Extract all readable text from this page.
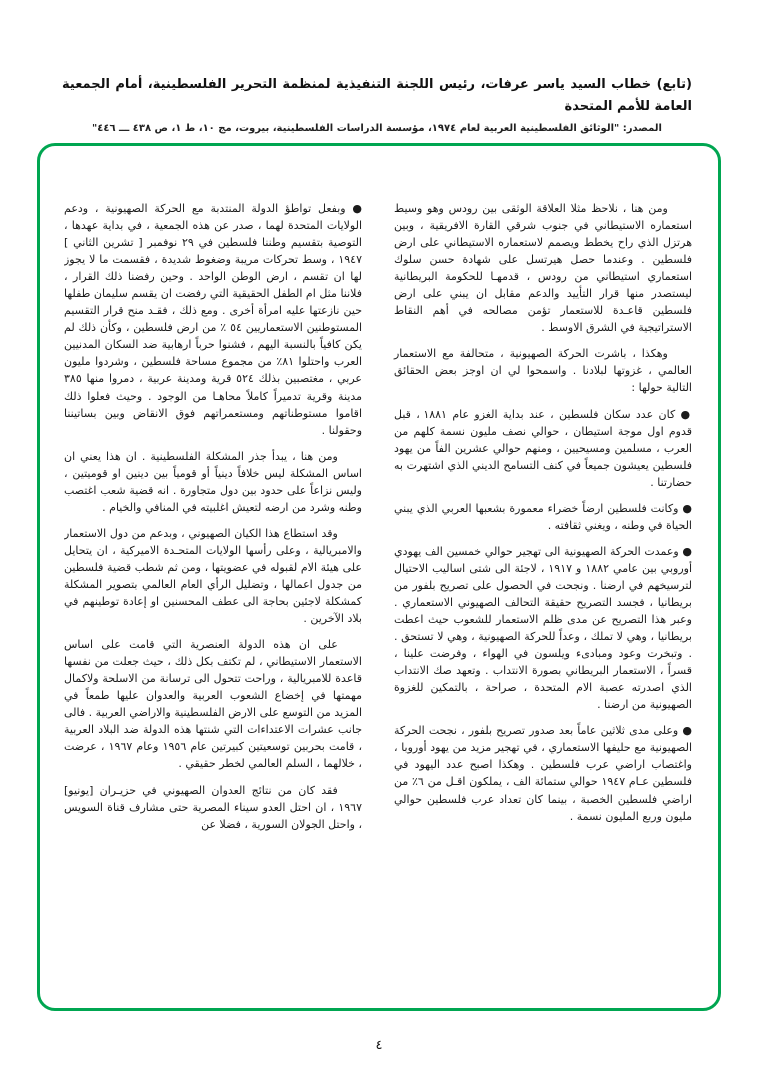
(تابع) خطاب السيد ياسر عرفات، رئيس اللجنة التنفيذية لمنظمة التحرير الفلسطينية، أمام الجمعية العامة للأمم المتحدة
المصدر: "الوثائق الفلسطينية العربية لعام ١٩٧٤، مؤسسة الدراسات الفلسطينية، بيروت، مج ١٠، ط ١، ص ٤٣٨ ـــ ٤٤٦"

ومن هنا ، نلاحظ مثلا العلاقة الوثقى بين رودس وهو وسيط استعماره الاستيطاني في جنوب شرقي القارة الافريقية ، وبين هرتزل الذي راح يخطط ويصمم لاستعماره الاستيطاني على ارض فلسطين . وعندما حصل هيرتسل على شهادة حسن سلوك استعماري استيطاني من رودس ، قدمهـا للحكومة البريطانية ليستصدر منها قرار التأييد والدعم مقابل ان يبني على ارض فلسطين قاعـدة للاستعمار تؤمن مصالحه في أهم النقاط الاستراتيجية في الشرق الاوسط .

وهكذا ، باشرت الحركة الصهيونية ، متحالفة مع الاستعمار العالمي ، غزوتها لبلادنا . واسمحوا لي ان اوجز بعض الحقائق التالية حولها :

● كان عدد سكان فلسطين ، عند بداية الغزو عام ١٨٨١ ، قبل قدوم اول موجة استيطان ، حوالي نصف مليون نسمة كلهم من العرب ، مسلمين ومسيحيين ، ومنهم حوالي عشرين الفاً من يهود فلسطين يعيشون جميعاً في كنف التسامح الديني الذي اشتهرت به حضارتنا .

● وكانت فلسطين ارضاً خضراء معمورة بشعبها العربي الذي يبني الحياة في وطنه ، ويغني ثقافته .

● وعمدت الحركة الصهيونية الى تهجير حوالي خمسين الف يهودي أوروبي بين عامي ١٨٨٢ و ١٩١٧ ، لاجئة الى شتى اساليب الاحتيال لترسيخهم في ارضنا . ونجحت في الحصول على تصريح بلفور من بريطانيا ، فجسد التصريح حقيقة التحالف الصهيوني الاستعماري . وعبر هذا التصريح عن مدى ظلم الاستعمار للشعوب حيث اعطت بريطانيا ، وهي لا تملك ، وعداً للحركة الصهيونية ، وهي لا تستحق . . وتبخرت وعود ومبادىء ويلسون في الهواء ، وفرضت علينا ، قسراً ، الاستعمار البريطاني بصورة الانتداب . وتعهد صك الانتداب الذي اصدرته عصبة الام المتحدة ، صراحة ، بالتمكين للغزوة الصهيونية من ارضنا .

● وعلى مدى ثلاثين عاماً بعد صدور تصريح بلفور ، نجحت الحركة الصهيونية مع حليفها الاستعماري ، في تهجير مزيد من يهود أوروبا ، واغتصاب اراضي عرب فلسطين . وهكذا اصبح عدد اليهود في فلسطين عـام ١٩٤٧ حوالي ستمائة الف ، يملكون اقـل من ٦٪ من اراضي فلسطين الخصبة ، بينما كان تعداد عرب فلسطين حوالي مليون وربع المليون نسمة .

● وبفعل تواطؤ الدولة المنتدبة مع الحركة الصهيونية ، ودعم الولايات المتحدة لهما ، صدر عن هذه الجمعية ، في بداية عهدها ، التوصية بتقسيم وطننا فلسطين في ٢٩ نوفمبر [ تشرين الثاني ] ١٩٤٧ ، وسط تحركات مريبة وضغوط شديدة ، فقسمت ما لا يجوز لها ان تقسم ، ارض الوطن الواحد . وحين رفضنا ذلك القرار ، فلاننا مثل ام الطفل الحقيقية التي رفضت ان يقسم سليمان طفلها حين نازعتها عليه امرأة أخرى . ومع ذلك ، فقـد منح قرار التقسيم المستوطنين الاستعماريين ٥٤ ٪ من ارض فلسطين ، وكأن ذلك لم يكن كافياً بالنسبة اليهم ، فشنوا حرباً ارهابية ضد السكان المدنيين العرب واحتلوا ٨١٪ من مجموع مساحة فلسطين ، وشردوا مليون عربي ، مغتصبين بذلك ٥٢٤ قرية ومدينة عربية ، دمروا منها ٣٨٥ مدينة وقرية تدميراً كاملاً محاهـا من الوجود . وحيث فعلوا ذلك اقاموا مستوطناتهم ومستعمراتهم فوق الانقاض وبين بساتيننا وحقولنا .

ومن هنا ، يبدأ جذر المشكلة الفلسطينية . ان هذا يعني ان اساس المشكلة ليس خلافاً دينياً أو قومياً بين دينين او قوميتين ، وليس نزاعاً على حدود بين دول متجاورة . انه قضية شعب اغتصب وطنه وشرد من ارضه لتعيش اغلبيته في المنافي والخيام .

وقد استطاع هذا الكيان الصهيوني ، وبدعم من دول الاستعمار والامبريالية ، وعلى رأسها الولايات المتحـدة الاميركية ، ان يتحايل على هيئة الام لقبوله في عضويتها ، ومن ثم شطب قضية فلسطين من جدول اعمالها ، وتضليل الرأي العام العالمي بتصوير المشكلة كمشكلة لاجئين بحاجة الى عطف المحسنين او إعادة توطينهم في بلاد الآخرين .

على ان هذه الدولة العنصرية التي قامت على اساس الاستعمار الاستيطاني ، لم تكتف بكل ذلك ، حيث جعلت من نفسها قاعدة للامبريالية ، وراحت تتحول الى ترسانة من الاسلحة ولاكمال مهمتها في إخضاع الشعوب العربية والعدوان عليها طمعاً في المزيد من التوسع على الارض الفلسطينية والاراضي العربية . فالى جانب عشرات الاعتداءات التي شنتها هذه الدولة ضد البلاد العربية ، قامت بحربين توسعيتين كبيرتين عام ١٩٥٦ وعام ١٩٦٧ ، عرضت ، خلالهما ، السلم العالمي لخطر حقيقي .

فقد كان من نتائج العدوان الصهيوني في حزيـران [يونيو] ١٩٦٧ ، ان احتل العدو سيناء المصرية حتى مشارف قناة السويس ، واحتل الجولان السورية ، فضلا عن

٤
